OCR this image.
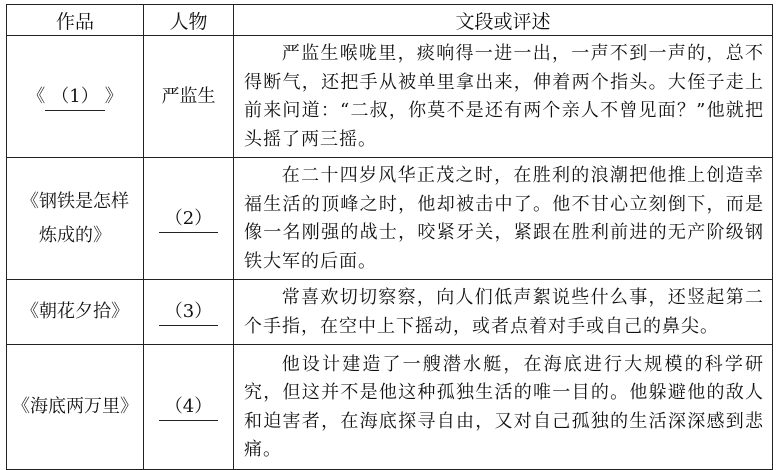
作品	人物	文段或评述
《 （1） 》	严监生	严监生喉咙里，痰响得一进一出，一声不到一声的，总不得断气，还把手从被单里拿出来，伸着两个指头。大侄子走上前来问道：“二叔，你莫不是还有两个亲人不曾见面？”他就把头摇了两三摇。

《钢铁是怎样炼成的》	（2）	在二十四岁风华正茂之时，在胜利的浪潮把他推上创造幸福生活的顶峰之时，他却被击中了。他不甘心立刻倒下，而是像一名刚强的战士，咬紧牙关，紧跟在胜利前进的无产阶级钢铁大军的后面。

《朝花夕拾》	（3）	常喜欢切切察察，向人们低声絮说些什么事，还竖起第二个手指，在空中上下摇动，或者点着对手或自己的鼻尖。

《海底两万里》	（4）	他设计建造了一艘潜水艇，在海底进行大规模的科学研究，但这并不是他这种孤独生活的唯一目的。他躲避他的敌人和迫害者，在海底探寻自由，又对自己孤独的生活深深感到悲痛。
